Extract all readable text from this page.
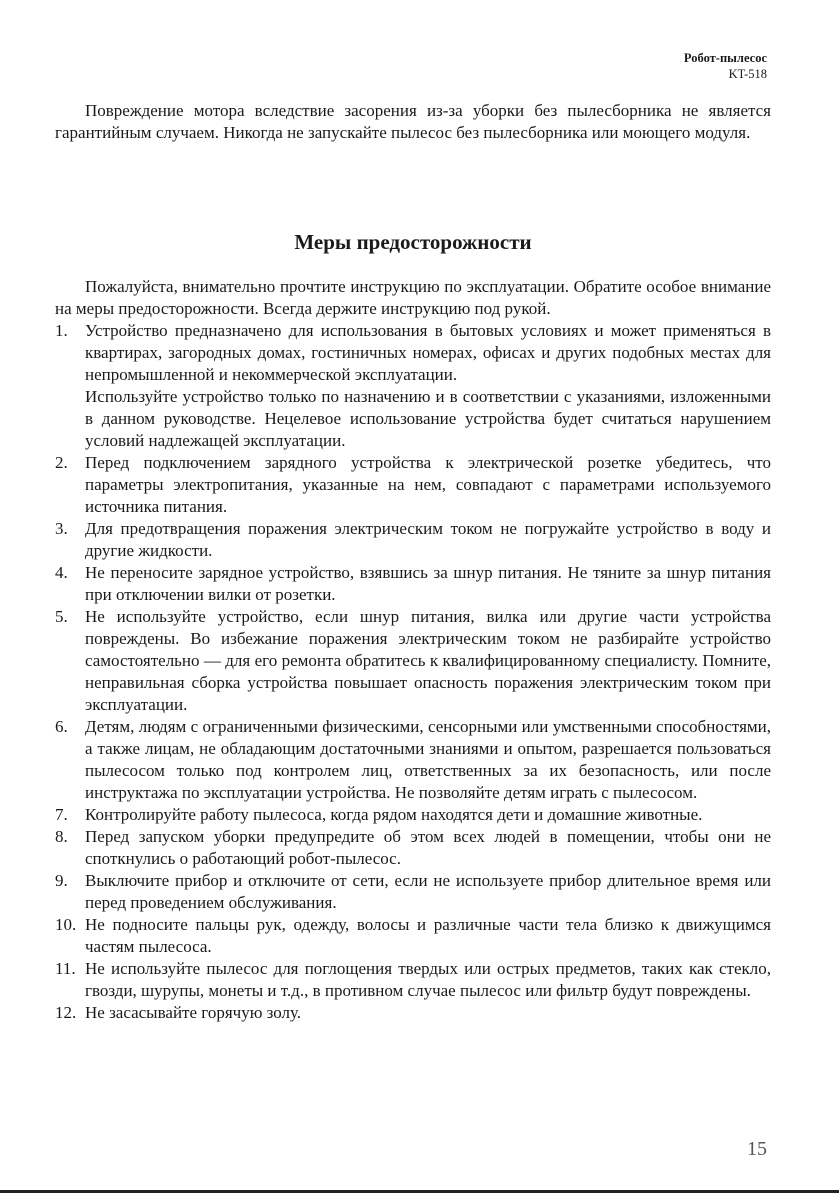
Робот-пылесос
KT-518

Повреждение мотора вследствие засорения из-за уборки без пылесборника не является гарантийным случаем. Никогда не запускайте пылесос без пылесборника или моющего модуля.

Меры предосторожности

Пожалуйста, внимательно прочтите инструкцию по эксплуатации. Обратите особое внимание на меры предосторожности. Всегда держите инструкцию под рукой.

1. Устройство предназначено для использования в бытовых условиях и может применяться в квартирах, загородных домах, гостиничных номерах, офисах и других подобных местах для непромышленной и некоммерческой эксплуатации.
Используйте устройство только по назначению и в соответствии с указаниями, изложенными в данном руководстве. Нецелевое использование устройства будет считаться нарушением условий надлежащей эксплуатации.
2. Перед подключением зарядного устройства к электрической розетке убедитесь, что параметры электропитания, указанные на нем, совпадают с параметрами используемого источника питания.
3. Для предотвращения поражения электрическим током не погружайте устройство в воду и другие жидкости.
4. Не переносите зарядное устройство, взявшись за шнур питания. Не тяните за шнур питания при отключении вилки от розетки.
5. Не используйте устройство, если шнур питания, вилка или другие части устройства повреждены. Во избежание поражения электрическим током не разбирайте устройство самостоятельно — для его ремонта обратитесь к квалифицированному специалисту. Помните, неправильная сборка устройства повышает опасность поражения электрическим током при эксплуатации.
6. Детям, людям с ограниченными физическими, сенсорными или умственными способностями, а также лицам, не обладающим достаточными знаниями и опытом, разрешается пользоваться пылесосом только под контролем лиц, ответственных за их безопасность, или после инструктажа по эксплуатации устройства. Не позволяйте детям играть с пылесосом.
7. Контролируйте работу пылесоса, когда рядом находятся дети и домашние животные.
8. Перед запуском уборки предупредите об этом всех людей в помещении, чтобы они не споткнулись о работающий робот-пылесос.
9. Выключите прибор и отключите от сети, если не используете прибор длительное время или перед проведением обслуживания.
10. Не подносите пальцы рук, одежду, волосы и различные части тела близко к движущимся частям пылесоса.
11. Не используйте пылесос для поглощения твердых или острых предметов, таких как стекло, гвозди, шурупы, монеты и т.д., в противном случае пылесос или фильтр будут повреждены.
12. Не засасывайте горячую золу.
15
